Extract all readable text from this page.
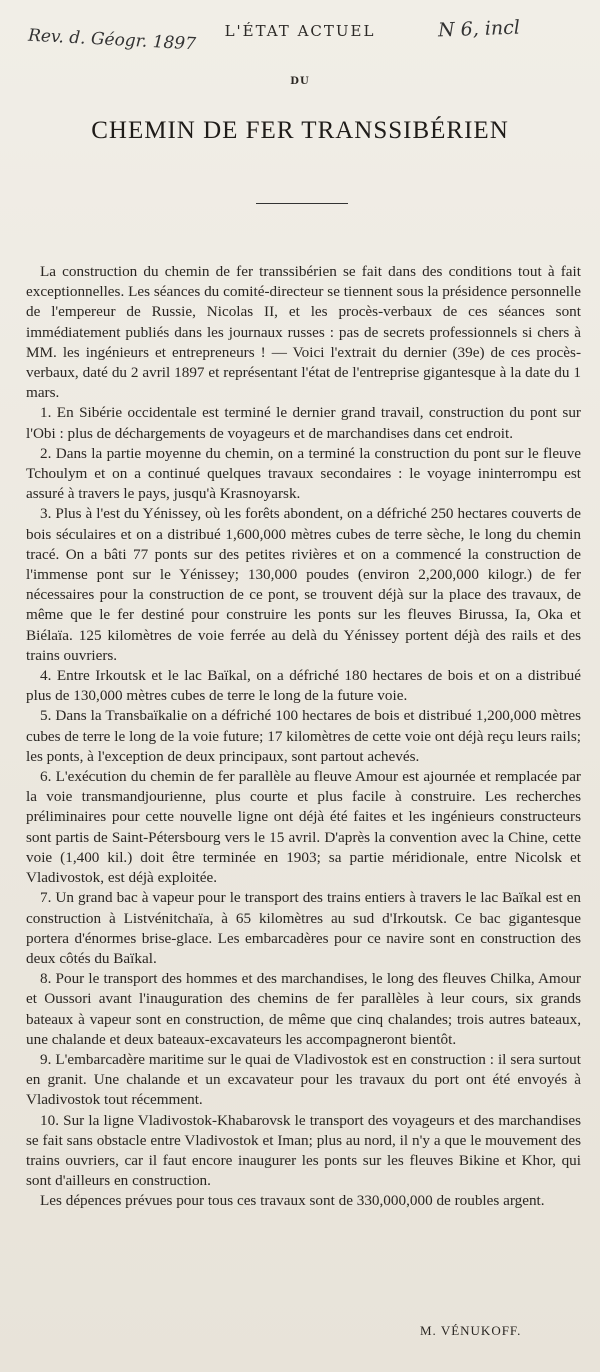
Rev. d. Géogr. 1897	N 6, incl
L'ÉTAT ACTUEL
DU
CHEMIN DE FER TRANSSIBÉRIEN

La construction du chemin de fer transsibérien se fait dans des conditions tout à fait exceptionnelles. Les séances du comité-directeur se tiennent sous la présidence personnelle de l'empereur de Russie, Nicolas II, et les procès-verbaux de ces séances sont immédiatement publiés dans les journaux russes : pas de secrets professionnels si chers à MM. les ingénieurs et entrepreneurs ! — Voici l'extrait du dernier (39e) de ces procès-verbaux, daté du 2 avril 1897 et représentant l'état de l'entreprise gigantesque à la date du 1 mars.

1. En Sibérie occidentale est terminé le dernier grand travail, construction du pont sur l'Obi : plus de déchargements de voyageurs et de marchandises dans cet endroit.

2. Dans la partie moyenne du chemin, on a terminé la construction du pont sur le fleuve Tchoulym et on a continué quelques travaux secondaires : le voyage ininterrompu est assuré à travers le pays, jusqu'à Krasnoyarsk.

3. Plus à l'est du Yénissey, où les forêts abondent, on a défriché 250 hectares couverts de bois séculaires et on a distribué 1,600,000 mètres cubes de terre sèche, le long du chemin tracé. On a bâti 77 ponts sur des petites rivières et on a commencé la construction de l'immense pont sur le Yénissey; 130,000 poudes (environ 2,200,000 kilogr.) de fer nécessaires pour la construction de ce pont, se trouvent déjà sur la place des travaux, de même que le fer destiné pour construire les ponts sur les fleuves Birussa, Ia, Oka et Biélaïa. 125 kilomètres de voie ferrée au delà du Yénissey portent déjà des rails et des trains ouvriers.

4. Entre Irkoutsk et le lac Baïkal, on a défriché 180 hectares de bois et on a distribué plus de 130,000 mètres cubes de terre le long de la future voie.

5. Dans la Transbaïkalie on a défriché 100 hectares de bois et distribué 1,200,000 mètres cubes de terre le long de la voie future; 17 kilomètres de cette voie ont déjà reçu leurs rails; les ponts, à l'exception de deux principaux, sont partout achevés.

6. L'exécution du chemin de fer parallèle au fleuve Amour est ajournée et remplacée par la voie transmandjourienne, plus courte et plus facile à construire. Les recherches préliminaires pour cette nouvelle ligne ont déjà été faites et les ingénieurs constructeurs sont partis de Saint-Pétersbourg vers le 15 avril. D'après la convention avec la Chine, cette voie (1,400 kil.) doit être terminée en 1903; sa partie méridionale, entre Nicolsk et Vladivostok, est déjà exploitée.

7. Un grand bac à vapeur pour le transport des trains entiers à travers le lac Baïkal est en construction à Listvénitchaïa, à 65 kilomètres au sud d'Irkoutsk. Ce bac gigantesque portera d'énormes brise-glace. Les embarcadères pour ce navire sont en construction des deux côtés du Baïkal.

8. Pour le transport des hommes et des marchandises, le long des fleuves Chilka, Amour et Oussori avant l'inauguration des chemins de fer parallèles à leur cours, six grands bateaux à vapeur sont en construction, de même que cinq chalandes; trois autres bateaux, une chalande et deux bateaux-excavateurs les accompagneront bientôt.

9. L'embarcadère maritime sur le quai de Vladivostok est en construction : il sera surtout en granit. Une chalande et un excavateur pour les travaux du port ont été envoyés à Vladivostok tout récemment.

10. Sur la ligne Vladivostok-Khabarovsk le transport des voyageurs et des marchandises se fait sans obstacle entre Vladivostok et Iman; plus au nord, il n'y a que le mouvement des trains ouvriers, car il faut encore inaugurer les ponts sur les fleuves Bikine et Khor, qui sont d'ailleurs en construction.

Les dépences prévues pour tous ces travaux sont de 330,000,000 de roubles argent.

M. VÉNUKOFF.
